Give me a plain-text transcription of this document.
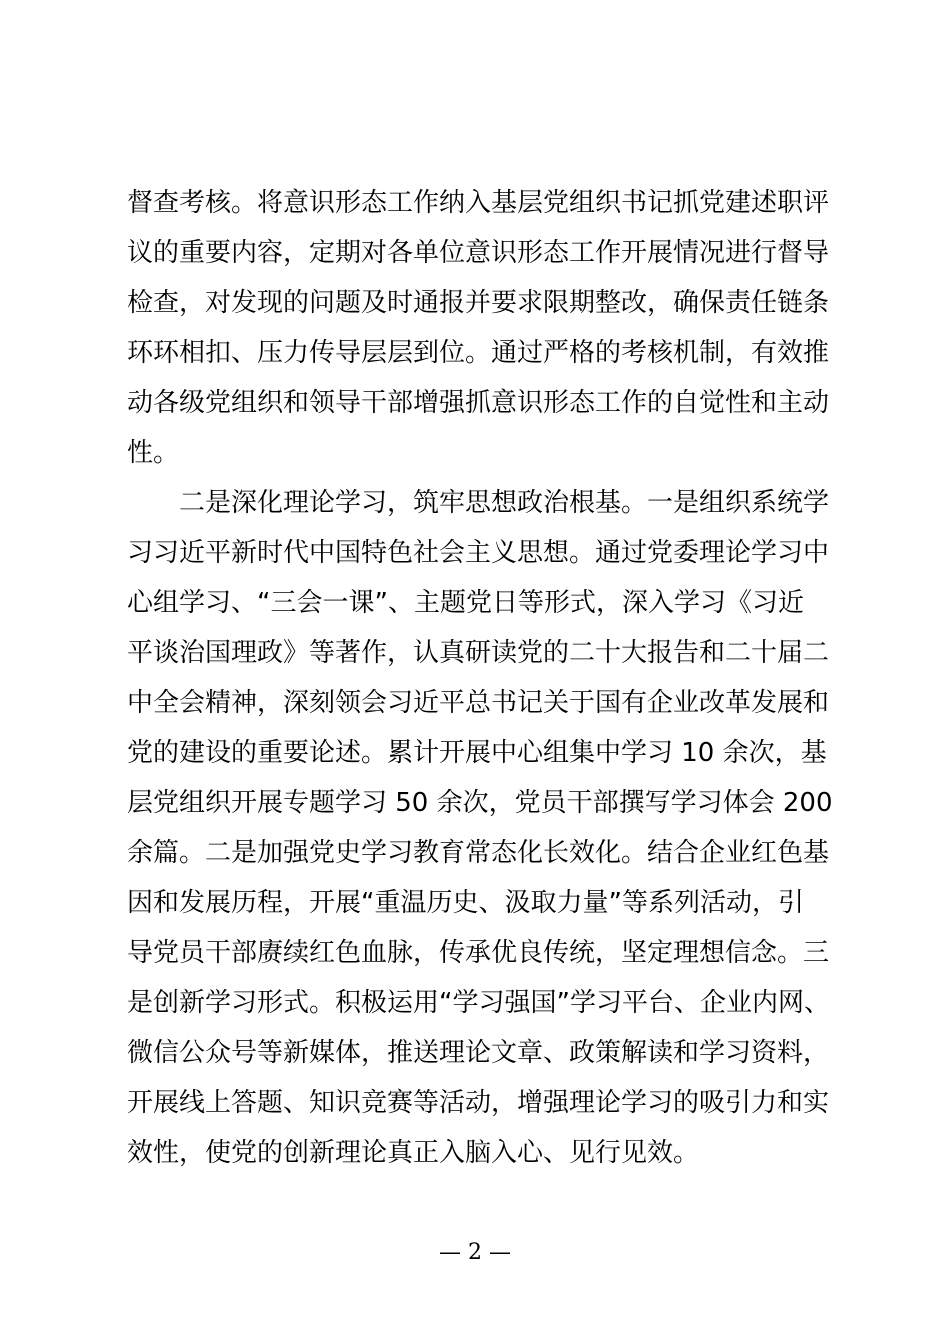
督查考核。将意识形态工作纳入基层党组织书记抓党建述职评
议的重要内容，定期对各单位意识形态工作开展情况进行督导
检查，对发现的问题及时通报并要求限期整改，确保责任链条
环环相扣、压力传导层层到位。通过严格的考核机制，有效推
动各级党组织和领导干部增强抓意识形态工作的自觉性和主动
性。
　　二是深化理论学习，筑牢思想政治根基。一是组织系统学
习习近平新时代中国特色社会主义思想。通过党委理论学习中
心组学习、“三会一课”、主题党日等形式，深入学习《习近
平谈治国理政》等著作，认真研读党的二十大报告和二十届二
中全会精神，深刻领会习近平总书记关于国有企业改革发展和
党的建设的重要论述。累计开展中心组集中学习 10 余次，基
层党组织开展专题学习 50 余次，党员干部撰写学习体会 200
余篇。二是加强党史学习教育常态化长效化。结合企业红色基
因和发展历程，开展“重温历史、汲取力量”等系列活动，引
导党员干部赓续红色血脉，传承优良传统，坚定理想信念。三
是创新学习形式。积极运用“学习强国”学习平台、企业内网、
微信公众号等新媒体，推送理论文章、政策解读和学习资料，
开展线上答题、知识竞赛等活动，增强理论学习的吸引力和实
效性，使党的创新理论真正入脑入心、见行见效。
— 2 —
